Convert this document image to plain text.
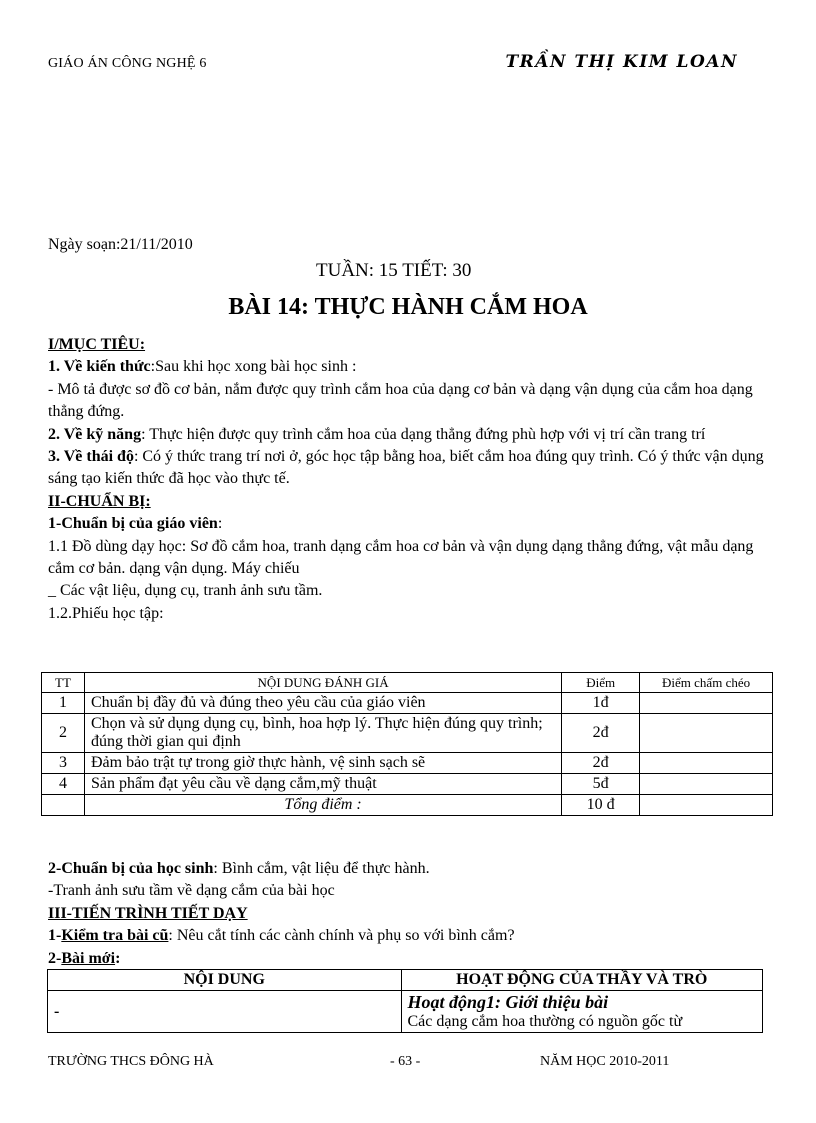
GIÁO ÁN CÔNG NGHỆ 6	TRẦN THỊ KIM LOAN
Ngày soạn:21/11/2010
TUẦN: 15 TIẾT: 30
BÀI 14: THỰC HÀNH CẮM HOA

I/MỤC TIÊU:

1. Về kiến thức:Sau khi học xong bài học sinh :

- Mô tả được sơ đồ cơ bản, nắm được quy trình cắm hoa của dạng cơ bản và dạng vận dụng của cắm hoa dạng thẳng đứng.

2. Về kỹ năng: Thực hiện được quy trình cắm hoa của dạng thẳng đứng phù hợp với vị trí cần trang trí

3. Về thái độ: Có ý thức trang trí nơi ở, góc học tập bằng hoa, biết cắm hoa đúng quy trình. Có ý thức vận dụng sáng tạo kiến thức đã học vào thực tế.

II-CHUẨN BỊ:

1-Chuẩn bị của giáo viên:

1.1 Đồ dùng dạy học: Sơ đồ cắm hoa, tranh dạng cắm hoa cơ bản và vận dụng dạng thẳng đứng, vật mẫu dạng cắm cơ bản. dạng vận dụng. Máy chiếu

_ Các vật liệu, dụng cụ, tranh ảnh sưu tầm.

1.2.Phiếu học tập:

TT	NỘI DUNG ĐÁNH GIÁ	Điểm	Điểm chấm chéo
1	Chuẩn bị đầy đủ và đúng theo yêu cầu của giáo viên	1đ	
2	Chọn và sử dụng dụng cụ, bình, hoa hợp lý. Thực hiện đúng quy trình; đúng thời gian qui định	2đ	
3	Đảm bảo trật tự trong giờ thực hành, vệ sinh sạch sẽ	2đ	
4	Sản phẩm đạt yêu cầu về dạng cắm,mỹ thuật	5đ	
	Tổng điểm :	10 đ	

2-Chuẩn bị của học sinh: Bình cắm, vật liệu để thực hành.

-Tranh ảnh sưu tầm về dạng cắm của bài học

III-TIẾN TRÌNH TIẾT DẠY

1-Kiểm tra bài cũ: Nêu cắt tính các cành chính và phụ so với bình cắm?

2-Bài mới:

NỘI DUNG	HOẠT ĐỘNG CỦA THẦY VÀ TRÒ
-	Hoạt động1: Giới thiệu bài
Các dạng cắm hoa thường có nguồn gốc từ
TRƯỜNG THCS ĐÔNG HÀ	- 63 -	NĂM HỌC 2010-2011
